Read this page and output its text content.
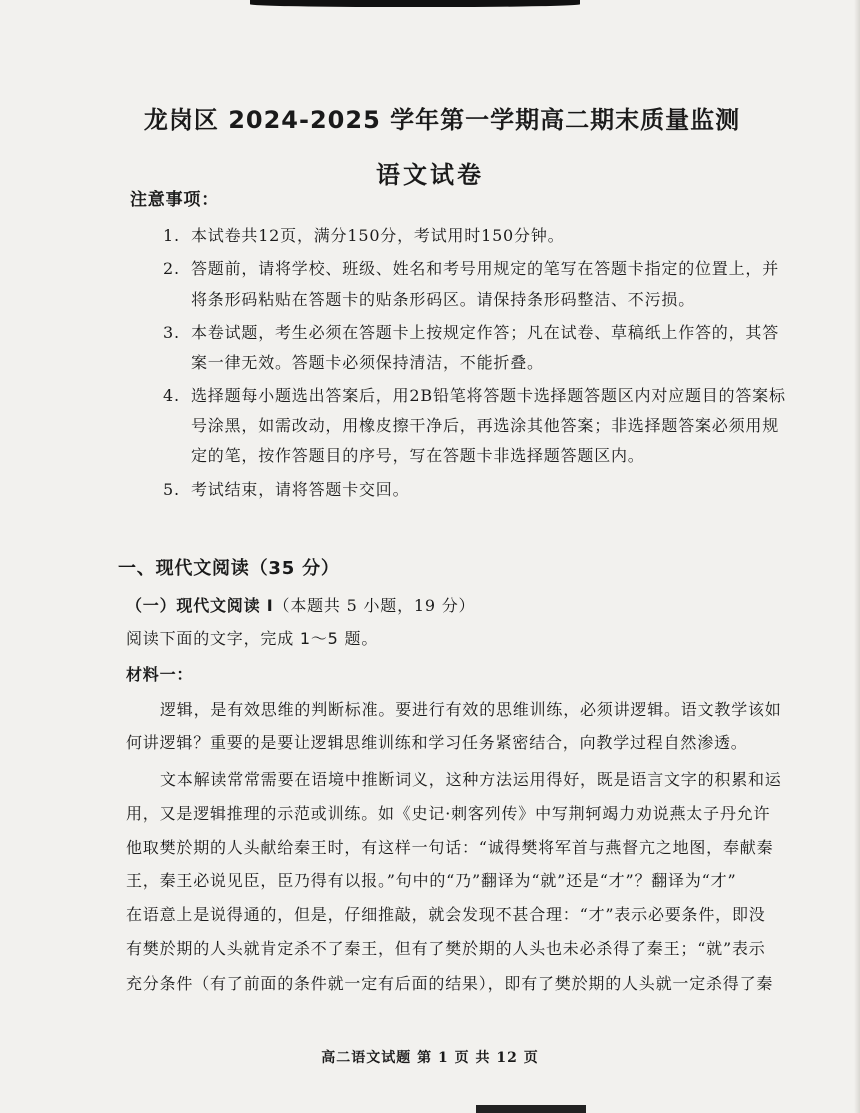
龙岗区 2024-2025 学年第一学期高二期末质量监测
语文试卷
注意事项：
1. 本试卷共12页，满分150分，考试用时150分钟。
2. 答题前，请将学校、班级、姓名和考号用规定的笔写在答题卡指定的位置上，并
将条形码粘贴在答题卡的贴条形码区。请保持条形码整洁、不污损。
3. 本卷试题，考生必须在答题卡上按规定作答；凡在试卷、草稿纸上作答的，其答
案一律无效。答题卡必须保持清洁，不能折叠。
4. 选择题每小题选出答案后，用2B铅笔将答题卡选择题答题区内对应题目的答案标
号涂黑，如需改动，用橡皮擦干净后，再选涂其他答案；非选择题答案必须用规
定的笔，按作答题目的序号，写在答题卡非选择题答题区内。
5. 考试结束，请将答题卡交回。
一、现代文阅读（35 分）
（一）现代文阅读 I（本题共 5 小题，19 分）
阅读下面的文字，完成 1～5 题。
材料一：
逻辑，是有效思维的判断标准。要进行有效的思维训练，必须讲逻辑。语文教学该如
何讲逻辑？重要的是要让逻辑思维训练和学习任务紧密结合，向教学过程自然渗透。
文本解读常常需要在语境中推断词义，这种方法运用得好，既是语言文字的积累和运
用，又是逻辑推理的示范或训练。如《史记·刺客列传》中写荆轲竭力劝说燕太子丹允许
他取樊於期的人头献给秦王时，有这样一句话：“诚得樊将军首与燕督亢之地图，奉献秦
王，秦王必说见臣，臣乃得有以报。”句中的“乃”翻译为“就”还是“才”？翻译为“才”
在语意上是说得通的，但是，仔细推敲，就会发现不甚合理：“才”表示必要条件，即没
有樊於期的人头就肯定杀不了秦王，但有了樊於期的人头也未必杀得了秦王；“就”表示
充分条件（有了前面的条件就一定有后面的结果），即有了樊於期的人头就一定杀得了秦
高二语文试题 第 1 页 共 12 页
